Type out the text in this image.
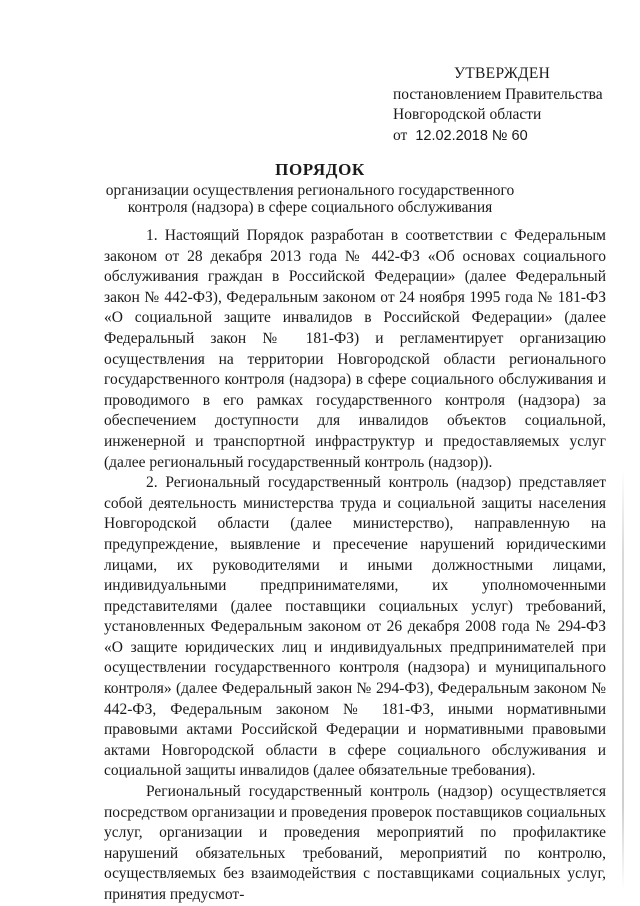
УТВЕРЖДЕН
постановлением Правительства
Новгородской области
от 12.02.2018 № 60
ПОРЯДОК
организации осуществления регионального государственного
контроля (надзора) в сфере социального обслуживания

1. Настоящий Порядок разработан в соответствии с Федеральным законом от 28 декабря 2013 года № 442-ФЗ «Об основах социального обслуживания граждан в Российской Федерации» (далее Федеральный закон № 442-ФЗ), Федеральным законом от 24 ноября 1995 года № 181-ФЗ «О социальной защите инвалидов в Российской Федерации» (далее Федеральный закон № 181-ФЗ) и регламентирует организацию осуществления на территории Новгородской области регионального государственного контроля (надзора) в сфере социального обслуживания и проводимого в его рамках государственного контроля (надзора) за обеспечением доступности для инвалидов объектов социальной, инженерной и транспортной инфраструктур и предоставляемых услуг (далее региональный государственный контроль (надзор)).

2. Региональный государственный контроль (надзор) представляет собой деятельность министерства труда и социальной защиты населения Новгородской области (далее министерство), направленную на предупреждение, выявление и пресечение нарушений юридическими лицами, их руководителями и иными должностными лицами, индивидуальными предпринимателями, их уполномоченными представителями (далее поставщики социальных услуг) требований, установленных Федеральным законом от 26 декабря 2008 года № 294-ФЗ «О защите юридических лиц и индивидуальных предпринимателей при осуществлении государственного контроля (надзора) и муниципального контроля» (далее Федеральный закон № 294-ФЗ), Федеральным законом № 442-ФЗ, Федеральным законом № 181-ФЗ, иными нормативными правовыми актами Российской Федерации и нормативными правовыми актами Новгородской области в сфере социального обслуживания и социальной защиты инвалидов (далее обязательные требования).

Региональный государственный контроль (надзор) осуществляется посредством организации и проведения проверок поставщиков социальных услуг, организации и проведения мероприятий по профилактике нарушений обязательных требований, мероприятий по контролю, осуществляемых без взаимодействия с поставщиками социальных услуг, принятия предусмот-
